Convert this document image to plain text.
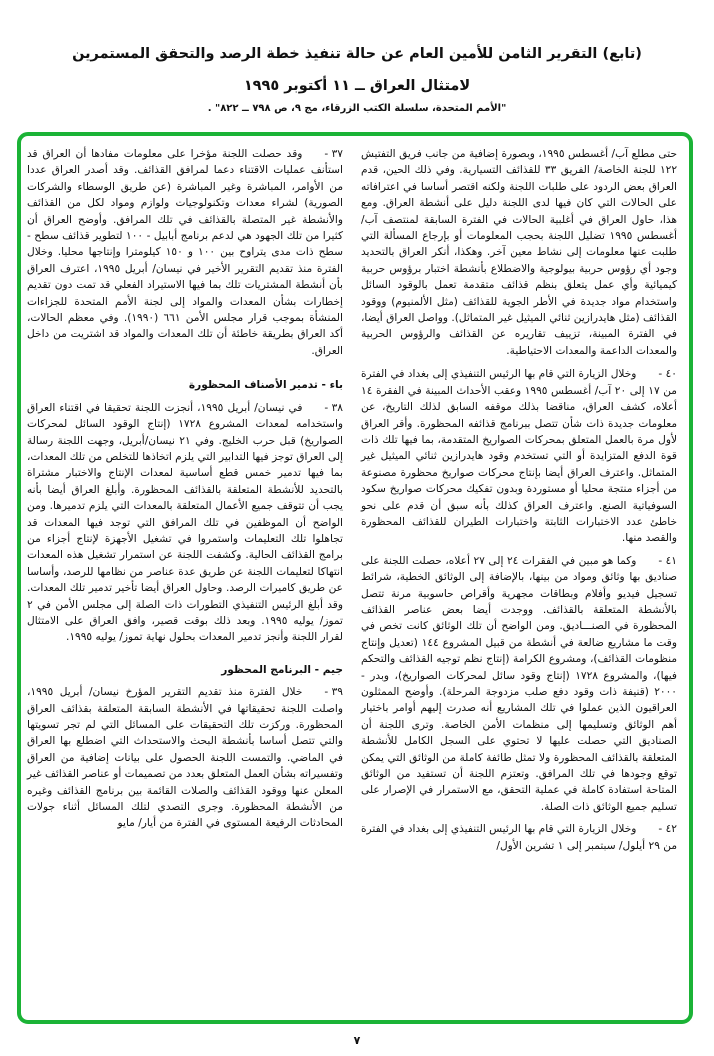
(تابع) التقرير الثامن للأمين العام عن حالة تنفيذ خطة الرصد والتحقق المستمرين
لامتثال العراق ــ ١١ أكتوبر ١٩٩٥
"الأمم المتحدة، سلسلة الكتب الزرقاء، مج ٩، ص ٧٩٨ ــ ٨٢٢" .

٣٧ -وقد حصلت اللجنة مؤخرا على معلومات مفادها أن العراق قد استأنف عمليات الاقتناء دعما لمرافق القذائف. وقد أصدر العراق عددا من الأوامر، المباشرة وغير المباشرة (عن طريق الوسطاء والشركات الصورية) لشراء معدات وتكنولوجيات ولوازم ومواد لكل من القذائف والأنشطة غير المتصلة بالقذائف في تلك المرافق. وأوضح العراق أن كثيرا من تلك الجهود هي لدعم برنامج أبابيل - ١٠٠ لتطوير قذائف سطح - سطح ذات مدى يتراوح بين ١٠٠ و ١٥٠ كيلومترا وإنتاجها محليا. وخلال الفترة منذ تقديم التقرير الأخير في نيسان/ أبريل ١٩٩٥، اعترف العراق بأن أنشطة المشتريات تلك بما فيها الاستيراد الفعلي قد تمت دون تقديم إخطارات بشأن المعدات والمواد إلى لجنة الأمم المتحدة للجزاءات المنشأة بموجب قرار مجلس الأمن ٦٦١ (١٩٩٠). وفي معظم الحالات، أكد العراق بطريقة خاطئة أن تلك المعدات والمواد قد اشتريت من داخل العراق.

باء - تدمير الأصناف المحظورة

٣٨ -في نيسان/ أبريل ١٩٩٥، أنجزت اللجنة تحقيقا في اقتناء العراق واستخدامه لمعدات المشروع ١٧٢٨ (إنتاج الوقود السائل لمحركات الصواريخ) قبل حرب الخليج. وفي ٢١ نيسان/أبريل، وجهت اللجنة رسالة إلى العراق توجز فيها التدابير التي يلزم اتخاذها للتخلص من تلك المعدات، بما فيها تدمير خمس قطع أساسية لمعدات الإنتاج والاختبار مشتراة بالتحديد للأنشطة المتعلقة بالقذائف المحظورة. وأبلغ العراق أيضا بأنه يجب أن تتوقف جميع الأعمال المتعلقة بالمعدات التي يلزم تدميرها. ومن الواضح أن الموظفين في تلك المرافق التي توجد فيها المعدات قد تجاهلوا تلك التعليمات واستمروا في تشغيل الأجهزة لإنتاج أجزاء من برامج القذائف الحالية. وكشفت اللجنة عن استمرار تشغيل هذه المعدات انتهاكا لتعليمات اللجنة عن طريق عدة عناصر من نظامها للرصد، وأساسا عن طريق كاميرات الرصد. وحاول العراق أيضا تأخير تدمير تلك المعدات. وقد أبلغ الرئيس التنفيذي التطورات ذات الصلة إلى مجلس الأمن في ٢ تموز/ يوليه ١٩٩٥. وبعد ذلك بوقت قصير، وافق العراق على الامتثال لقرار اللجنة وأنجز تدمير المعدات بحلول نهاية تموز/ يوليه ١٩٩٥.

جيم - البرنامج المحظور

٣٩ -خلال الفترة منذ تقديم التقرير المؤرخ نيسان/ أبريل ١٩٩٥، واصلت اللجنة تحقيقاتها في الأنشطة السابقة المتعلقة بقذائف العراق المحظورة. وركزت تلك التحقيقات على المسائل التي لم تجر تسويتها والتي تتصل أساسا بأنشطة البحث والاستحداث التي اضطلع بها العراق في الماضي. والتمست اللجنة الحصول على بيانات إضافية من العراق وتفسيراته بشأن العمل المتعلق بعدد من تصميمات أو عناصر القذائف غير المعلن عنها ووقود القذائف والصلات القائمة بين برنامج القذائف وغيره من الأنشطة المحظورة. وجرى التصدي لتلك المسائل أثناء جولات المحادثات الرفيعة المستوى في الفترة من أيار/ مايو

حتى مطلع آب/ أغسطس ١٩٩٥، وبصورة إضافية من جانب فريق التفتيش ١٢٢ للجنة الخاصة/ الفريق ٣٣ للقذائف التسيارية. وفي ذلك الحين، قدم العراق بعض الردود على طلبات اللجنة ولكنه اقتصر أساسا في اعترافاته على الحالات التي كان فيها لدى اللجنة دليل على أنشطة العراق. ومع هذا، حاول العراق في أغلبية الحالات في الفترة السابقة لمنتصف آب/ أغسطس ١٩٩٥ تضليل اللجنة بحجب المعلومات أو بإرجاع المسألة التي طلبت عنها معلومات إلى نشاط معين آخر. وهكذا، أنكر العراق بالتحديد وجود أي رؤوس حربية بيولوجية والاضطلاع بأنشطة اختبار برؤوس حربية كيميائية وأي عمل يتعلق بنظم قذائف متقدمة تعمل بالوقود السائل واستخدام مواد جديدة في الأطر الجوية للقذائف (مثل الألمنيوم) ووقود القذائف (مثل هايدرازين ثنائي الميثيل غير المتماثل). وواصل العراق أيضا، في الفترة المبينة، تزييف تقاريره عن القذائف والرؤوس الحربية والمعدات الداعمة والمعدات الاحتياطية.

٤٠ -وخلال الزيارة التي قام بها الرئيس التنفيذي إلى بغداد في الفترة من ١٧ إلى ٢٠ آب/ أغسطس ١٩٩٥ وعقب الأحداث المبينة في الفقرة ١٤ أعلاه، كشف العراق، مناقضا بذلك موقفه السابق لذلك التاريخ، عن معلومات جديدة ذات شأن تتصل ببرنامج قذائفه المحظورة. وأقر العراق لأول مرة بالعمل المتعلق بمحركات الصواريخ المتقدمة، بما فيها تلك ذات قوة الدفع المتزايدة أو التي تستخدم وقود هايدرازين ثنائي الميثيل غير المتماثل. واعترف العراق أيضا بإنتاج محركات صواريخ محظورة مصنوعة من أجزاء منتجة محليا أو مستوردة وبدون تفكيك محركات صواريخ سكود السوفياتية الصنع. واعترف العراق كذلك بأنه سبق أن قدم على نحو خاطئ عدد الاختبارات الثابتة واختبارات الطيران للقذائف المحظورة والقصد منها.

٤١ -وكما هو مبين في الفقرات ٢٤ إلى ٢٧ أعلاه، حصلت اللجنة على صناديق بها وثائق ومواد من بينها، بالإضافة إلى الوثائق الخطية، شرائط تسجيل فيديو وأفلام وبطاقات مجهرية وأقراص حاسوبية مرنة تتصل بالأنشطة المتعلقة بالقذائف. ووجدت أيضا بعض عناصر القذائف المحظورة في الصنـــاديق. ومن الواضح أن تلك الوثائق كانت تخص في وقت ما مشاريع ضالعة في أنشطة من قبيل المشروع ١٤٤ (تعديل وإنتاج منظومات القذائف)، ومشروع الكرامة (إنتاج نظم توجيه القذائف والتحكم فيها)، والمشروع ١٧٢٨ (إنتاج وقود سائل لمحركات الصواريخ)، وبدر - ٢٠٠٠ (قنيفة ذات وقود دفع صلب مزدوجة المرحلة). وأوضح الممثلون العراقيون الذين عملوا في تلك المشاريع أنه صدرت إليهم أوامر باختيار أهم الوثائق وتسليمها إلى منظمات الأمن الخاصة. وترى اللجنة أن الصناديق التي حصلت عليها لا تحتوي على السجل الكامل للأنشطة المتعلقة بالقذائف المحظورة ولا تمثل طائفة كاملة من الوثائق التي يمكن توقع وجودها في تلك المرافق. وتعتزم اللجنة أن تستفيد من الوثائق المتاحة استفادة كاملة في عملية التحقق، مع الاستمرار في الإصرار على تسليم جميع الوثائق ذات الصلة.

٤٢ -وخلال الزيارة التي قام بها الرئيس التنفيذي إلى بغداد في الفترة من ٢٩ أيلول/ سبتمبر إلى ١ تشرين الأول/

٧
